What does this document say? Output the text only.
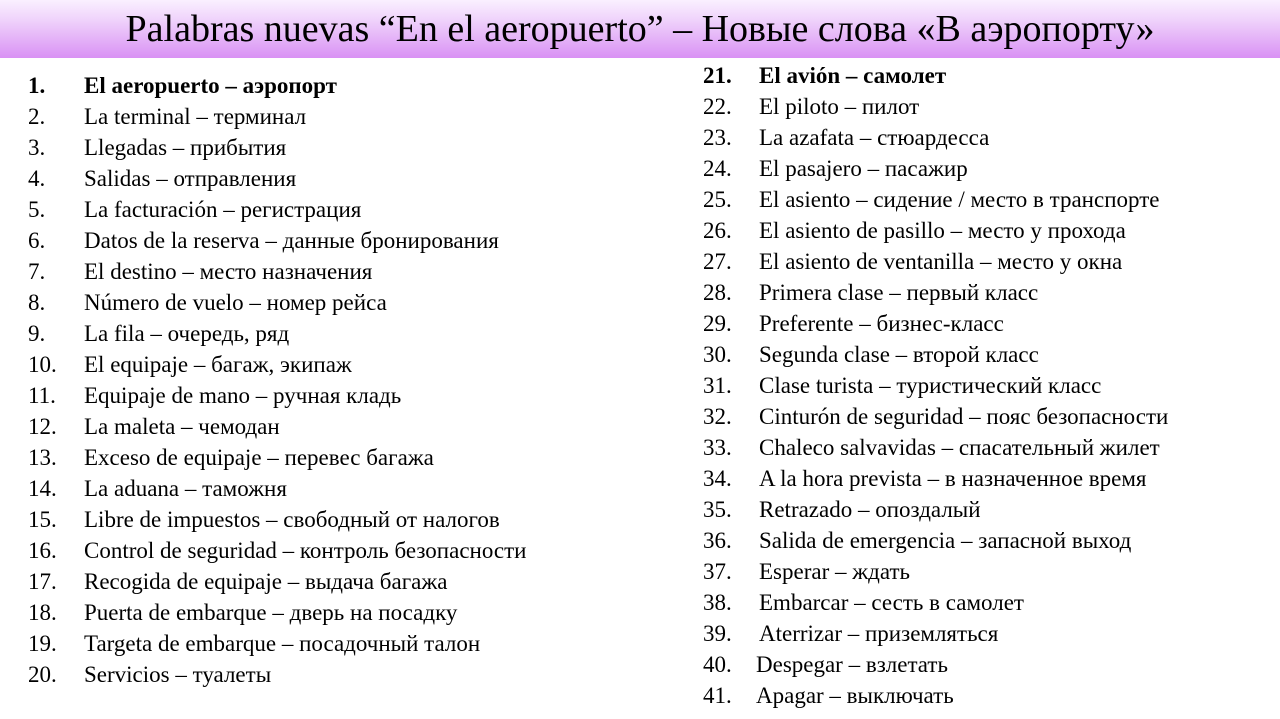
Palabras nuevas “En el aeropuerto” – Новые слова «В аэропорту»
1.	El aeropuerto – аэропорт
2.	La terminal – терминал
3.	Llegadas – прибытия
4.	Salidas – отправления
5.	La facturación – регистрация
6.	Datos de la reserva – данные бронирования
7.	El destino – место назначения
8.	Número de vuelo – номер рейса
9.	La fila – очередь, ряд
10.	El equipaje – багаж, экипаж
11.	Equipaje de mano – ручная кладь
12.	La maleta – чемодан
13.	Exceso de equipaje – перевес багажа
14.	La aduana – таможня
15.	Libre de impuestos – свободный от налогов
16.	Control de seguridad – контроль безопасности
17.	Recogida de equipaje – выдача багажа
18.	Puerta de embarque – дверь на посадку
19.	Targeta de embarque – посадочный талон
20.	Servicios – туалеты
21.	El avión – самолет
22.	El piloto – пилот
23.	La azafata – стюардесса
24.	El pasajero – пасажир
25.	El asiento – сидение / место в транспорте
26.	El asiento de pasillo – место у прохода
27.	El asiento de ventanilla – место у окна
28.	Primera clase – первый класс
29.	Preferente – бизнес-класс
30.	Segunda clase – второй класс
31.	Clase turista – туристический класс
32.	Cinturón de seguridad – пояс безопасности
33.	Chaleco salvavidas – спасательный жилет
34.	A la hora prevista – в назначенное время
35.	Retrazado – опоздалый
36.	Salida de emergencia – запасной выход
37.	Esperar – ждать
38.	Embarcar – сесть в самолет
39.	Aterrizar – приземляться
40.	Despegar – взлетать
41.	Apagar – выключать
